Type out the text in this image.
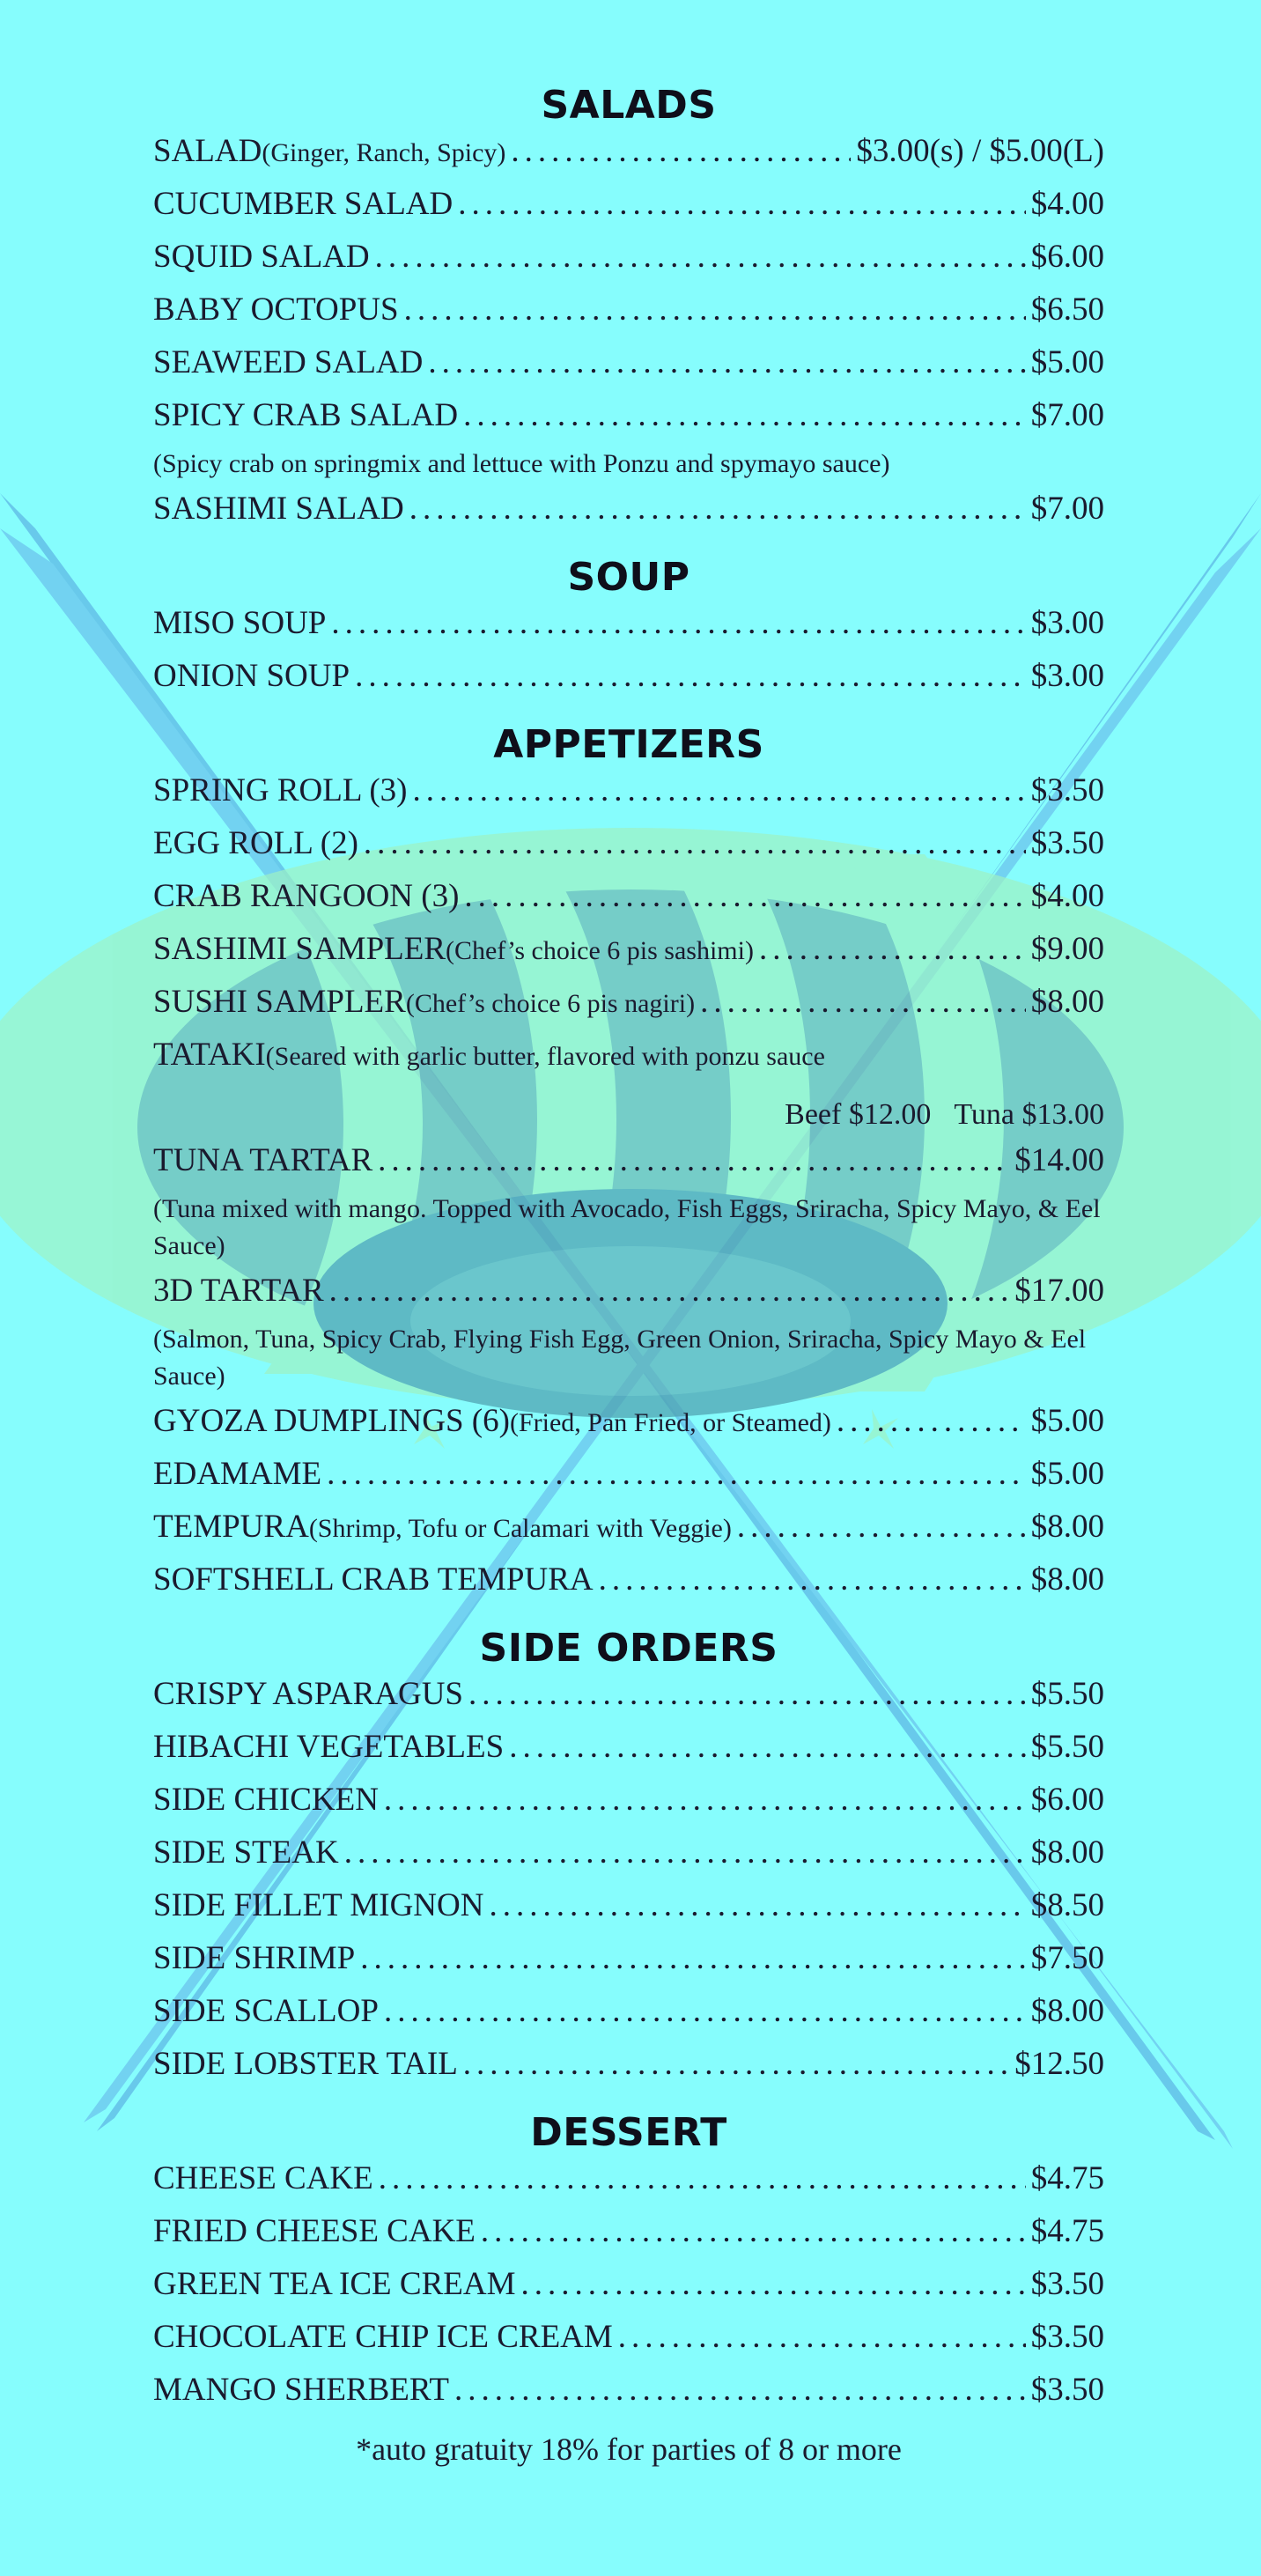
SALADS
SALAD (Ginger, Ranch, Spicy) .....	$3.00(s) / $5.00(L)
CUCUMBER SALAD .....	$4.00
SQUID SALAD .....	$6.00
BABY OCTOPUS .....	$6.50
SEAWEED SALAD .....	$5.00
SPICY CRAB SALAD .....	$7.00
(Spicy crab on springmix and lettuce with Ponzu and spymayo sauce)
SASHIMI SALAD .....	$7.00
SOUP
MISO SOUP .....	$3.00
ONION SOUP .....	$3.00
APPETIZERS
SPRING ROLL (3) .....	$3.50
EGG ROLL (2) .....	$3.50
CRAB RANGOON (3) .....	$4.00
SASHIMI SAMPLER (Chef’s choice 6 pis sashimi) .....	$9.00
SUSHI SAMPLER (Chef’s choice 6 pis nagiri) .....	$8.00
TATAKI (Seared with garlic butter, flavored with ponzu sauce
Beef $12.00 Tuna $13.00
TUNA TARTAR .....	$14.00
(Tuna mixed with mango. Topped with Avocado, Fish Eggs, Sriracha, Spicy Mayo, & Eel Sauce)
3D TARTAR .....	$17.00
(Salmon, Tuna, Spicy Crab, Flying Fish Egg, Green Onion, Sriracha, Spicy Mayo & Eel Sauce)
GYOZA DUMPLINGS (6) (Fried, Pan Fried, or Steamed) .....	$5.00
EDAMAME .....	$5.00
TEMPURA (Shrimp, Tofu or Calamari with Veggie) .....	$8.00
SOFTSHELL CRAB TEMPURA .....	$8.00
SIDE ORDERS
CRISPY ASPARAGUS .....	$5.50
HIBACHI VEGETABLES .....	$5.50
SIDE CHICKEN .....	$6.00
SIDE STEAK .....	$8.00
SIDE FILLET MIGNON .....	$8.50
SIDE SHRIMP .....	$7.50
SIDE SCALLOP .....	$8.00
SIDE LOBSTER TAIL .....	$12.50
DESSERT
CHEESE CAKE .....	$4.75
FRIED CHEESE CAKE .....	$4.75
GREEN TEA ICE CREAM .....	$3.50
CHOCOLATE CHIP ICE CREAM .....	$3.50
MANGO SHERBERT .....	$3.50
*auto gratuity 18% for parties of 8 or more
